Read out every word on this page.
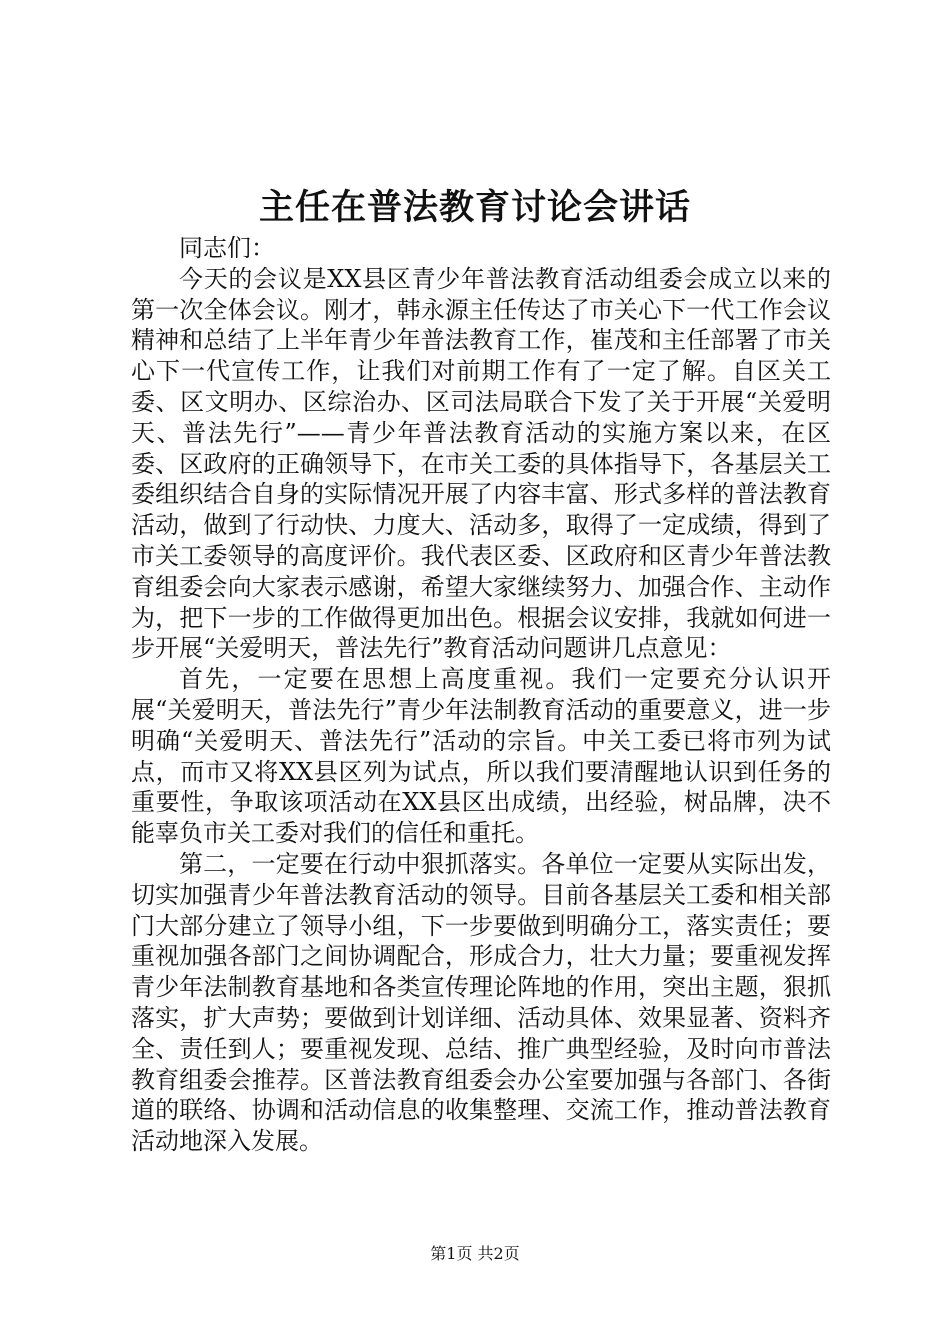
主任在普法教育讨论会讲话

同志们：

今天的会议是XX县区青少年普法教育活动组委会成立以来的第一次全体会议。刚才，韩永源主任传达了市关心下一代工作会议精神和总结了上半年青少年普法教育工作，崔茂和主任部署了市关心下一代宣传工作，让我们对前期工作有了一定了解。自区关工委、区文明办、区综治办、区司法局联合下发了关于开展“关爱明天、普法先行”——青少年普法教育活动的实施方案以来，在区委、区政府的正确领导下，在市关工委的具体指导下，各基层关工委组织结合自身的实际情况开展了内容丰富、形式多样的普法教育活动，做到了行动快、力度大、活动多，取得了一定成绩，得到了市关工委领导的高度评价。我代表区委、区政府和区青少年普法教育组委会向大家表示感谢，希望大家继续努力、加强合作、主动作为，把下一步的工作做得更加出色。根据会议安排，我就如何进一步开展“关爱明天，普法先行”教育活动问题讲几点意见：

首先，一定要在思想上高度重视。我们一定要充分认识开展“关爱明天，普法先行”青少年法制教育活动的重要意义，进一步明确“关爱明天、普法先行”活动的宗旨。中关工委已将市列为试点，而市又将XX县区列为试点，所以我们要清醒地认识到任务的重要性，争取该项活动在XX县区出成绩，出经验，树品牌，决不能辜负市关工委对我们的信任和重托。

第二，一定要在行动中狠抓落实。各单位一定要从实际出发，切实加强青少年普法教育活动的领导。目前各基层关工委和相关部门大部分建立了领导小组，下一步要做到明确分工，落实责任；要重视加强各部门之间协调配合，形成合力，壮大力量；要重视发挥青少年法制教育基地和各类宣传理论阵地的作用，突出主题，狠抓落实，扩大声势；要做到计划详细、活动具体、效果显著、资料齐全、责任到人；要重视发现、总结、推广典型经验，及时向市普法教育组委会推荐。区普法教育组委会办公室要加强与各部门、各街道的联络、协调和活动信息的收集整理、交流工作，推动普法教育活动地深入发展。

第1页 共2页
